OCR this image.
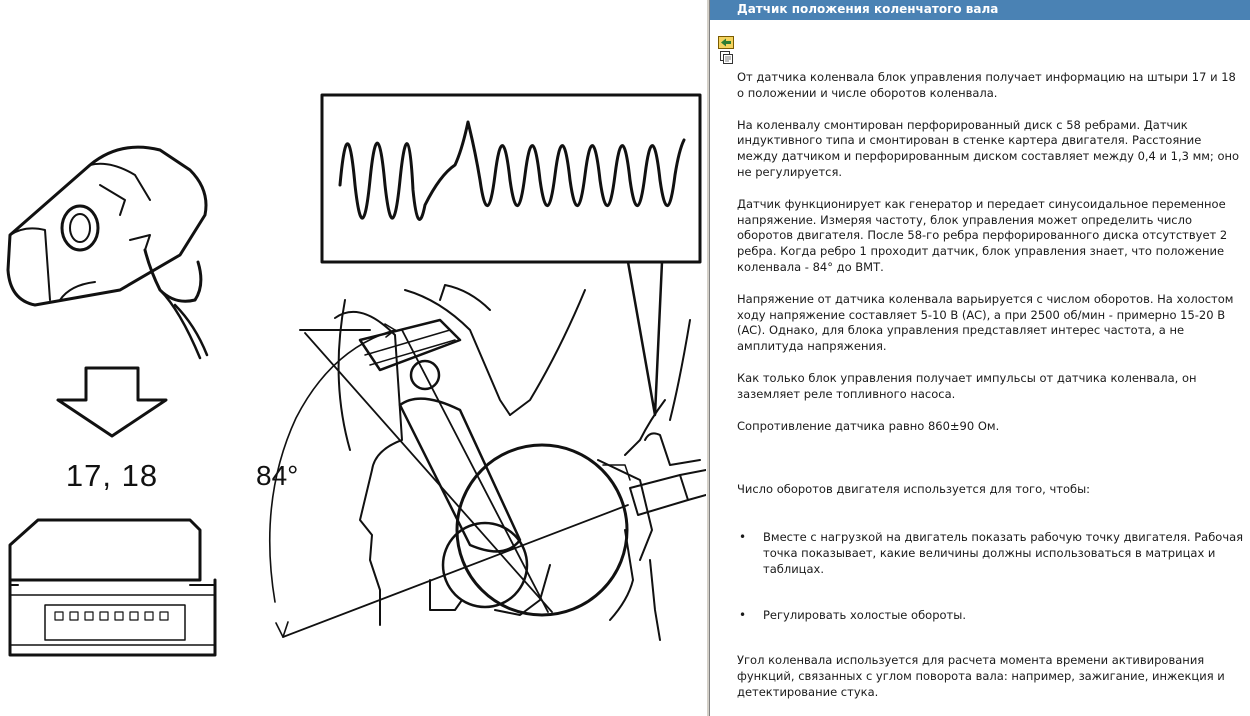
17, 18	84°
Датчик положения коленчатого вала

От датчика коленвала блок управления получает информацию на штыри 17 и 18 о положении и числе оборотов коленвала.

На коленвалу смонтирован перфорированный диск с 58 ребрами. Датчик индуктивного типа и смонтирован в стенке картера двигателя. Расстояние между датчиком и перфорированным диском составляет между 0,4 и 1,3 мм; оно не регулируется.

Датчик функционирует как генератор и передает синусоидальное переменное напряжение. Измеряя частоту, блок управления может определить число оборотов двигателя. После 58-го ребра перфорированного диска отсутствует 2 ребра. Когда ребро 1 проходит датчик, блок управления знает, что положение коленвала - 84° до ВМТ.

Напряжение от датчика коленвала варьируется с числом оборотов. На холостом ходу напряжение составляет 5-10 В (AC), а при 2500 об/мин - примерно 15-20 В (AC). Однако, для блока управления представляет интерес частота, а не амплитуда напряжения.

Как только блок управления получает импульсы от датчика коленвала, он заземляет реле топливного насоса.

Сопротивление датчика равно 860±90 Ом.

Число оборотов двигателя используется для того, чтобы:

• Вместе с нагрузкой на двигатель показать рабочую точку двигателя. Рабочая точка показывает, какие величины должны использоваться в матрицах и таблицах.
• Регулировать холостые обороты.

Угол коленвала используется для расчета момента времени активирования функций, связанных с углом поворота вала: например, зажигание, инжекция и детектирование стука.
